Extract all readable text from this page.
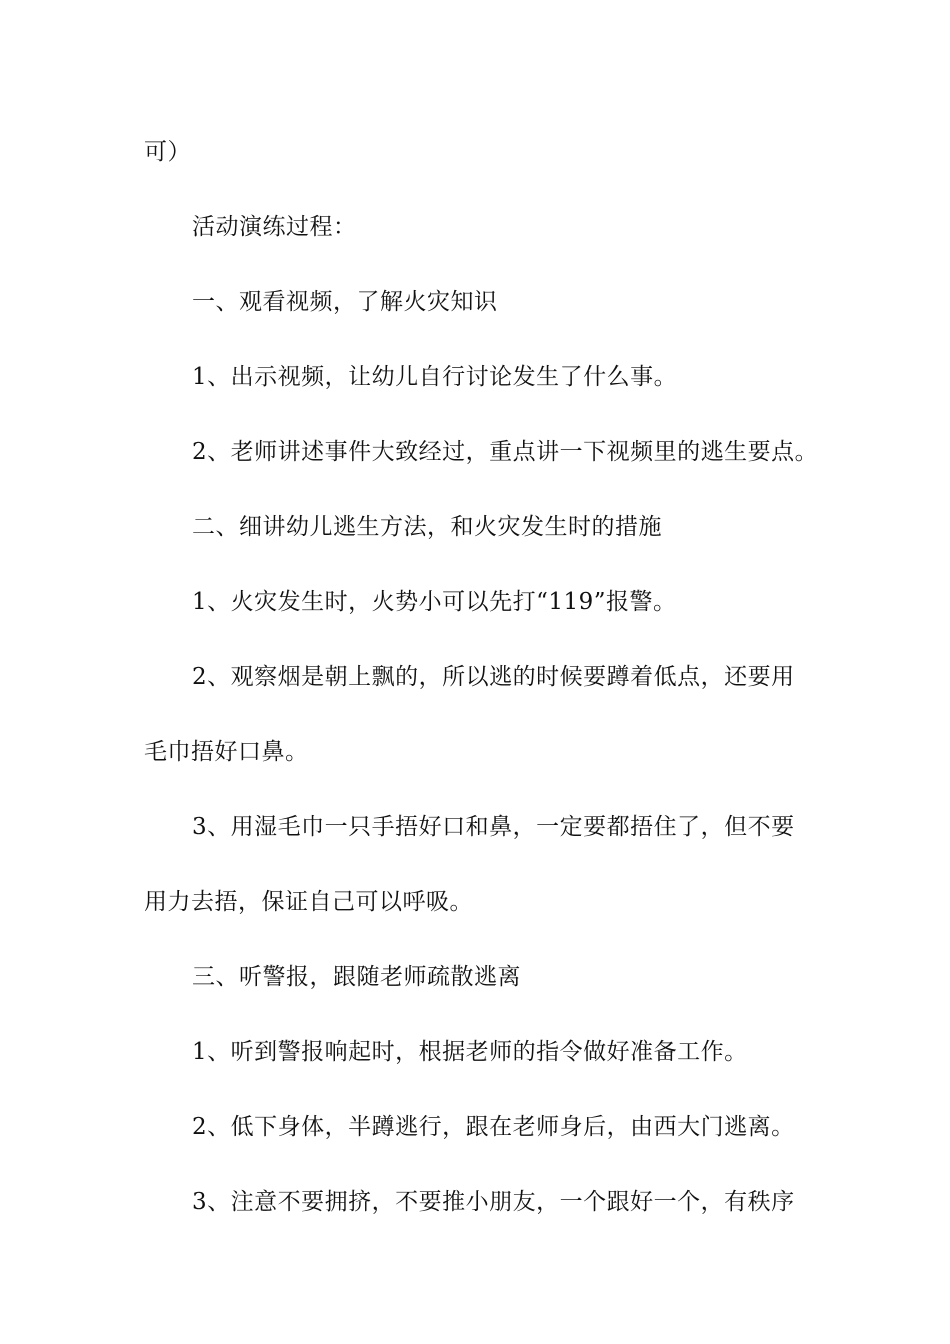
可）
活动演练过程：
一、观看视频，了解火灾知识
1、出示视频，让幼儿自行讨论发生了什么事。
2、老师讲述事件大致经过，重点讲一下视频里的逃生要点。
二、细讲幼儿逃生方法，和火灾发生时的措施
1、火灾发生时，火势小可以先打“119”报警。
2、观察烟是朝上飘的，所以逃的时候要蹲着低点，还要用
毛巾捂好口鼻。
3、用湿毛巾一只手捂好口和鼻，一定要都捂住了，但不要
用力去捂，保证自己可以呼吸。
三、听警报，跟随老师疏散逃离
1、听到警报响起时，根据老师的指令做好准备工作。
2、低下身体，半蹲逃行，跟在老师身后，由西大门逃离。
3、注意不要拥挤，不要推小朋友，一个跟好一个，有秩序
